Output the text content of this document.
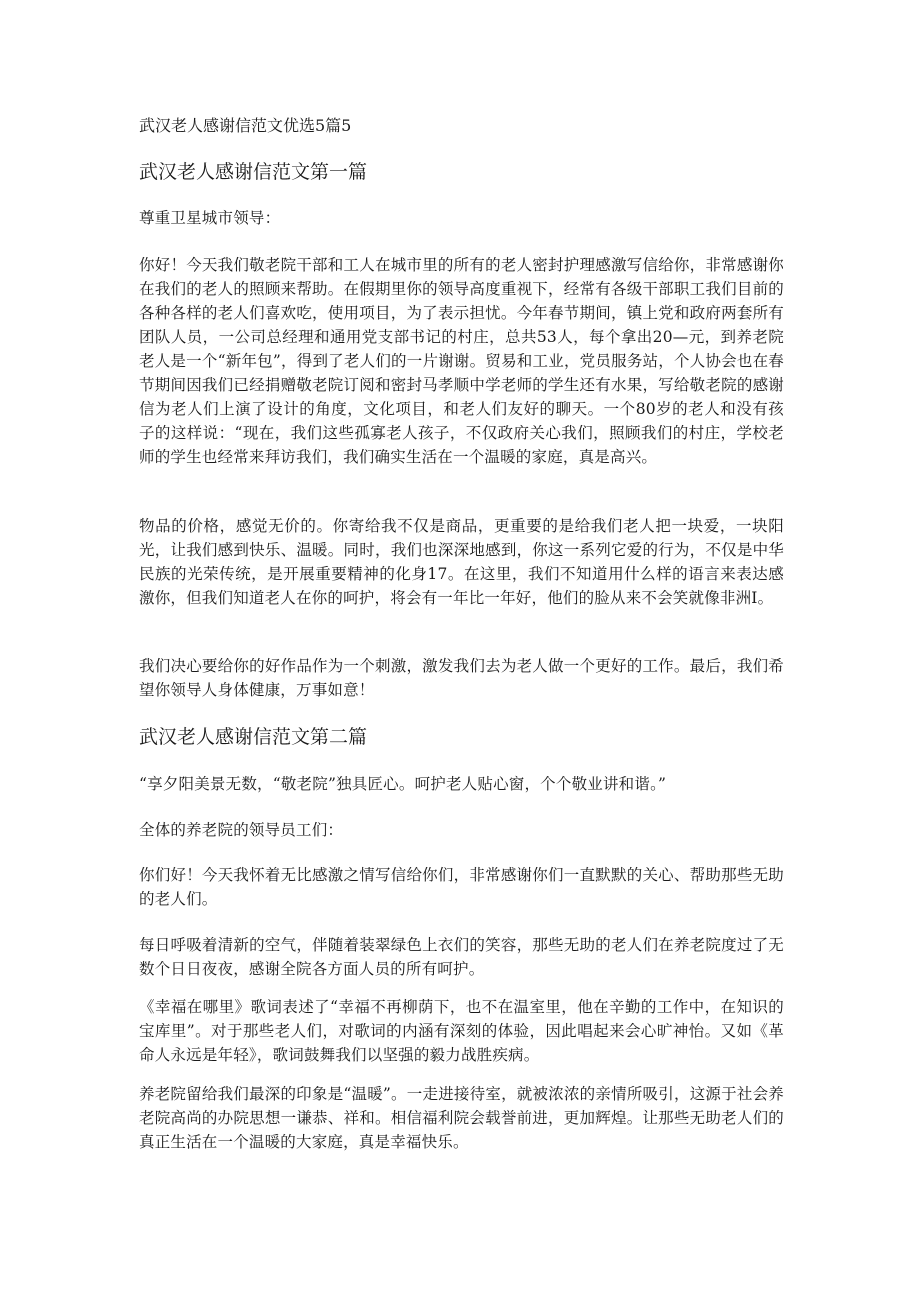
武汉老人感谢信范文优选5篇5
武汉老人感谢信范文第一篇

尊重卫星城市领导：

你好！今天我们敬老院干部和工人在城市里的所有的老人密封护理感激写信给你，非常感谢你在我们的老人的照顾来帮助。在假期里你的领导高度重视下，经常有各级干部职工我们目前的各种各样的老人们喜欢吃，使用项目，为了表示担忧。今年春节期间，镇上党和政府两套所有团队人员，一公司总经理和通用党支部书记的村庄，总共53人，每个拿出20—元，到养老院老人是一个“新年包”，得到了老人们的一片谢谢。贸易和工业，党员服务站，个人协会也在春节期间因我们已经捐赠敬老院订阅和密封马孝顺中学老师的学生还有水果，写给敬老院的感谢信为老人们上演了设计的角度，文化项目，和老人们友好的聊天。一个80岁的老人和没有孩子的这样说：“现在，我们这些孤寡老人孩子，不仅政府关心我们，照顾我们的村庄，学校老师的学生也经常来拜访我们，我们确实生活在一个温暖的家庭，真是高兴。

物品的价格，感觉无价的。你寄给我不仅是商品，更重要的是给我们老人把一块爱，一块阳光，让我们感到快乐、温暖。同时，我们也深深地感到，你这一系列它爱的行为，不仅是中华民族的光荣传统，是开展重要精神的化身17。在这里，我们不知道用什么样的语言来表达感激你，但我们知道老人在你的呵护，将会有一年比一年好，他们的脸从来不会笑就像非洲I。

我们决心要给你的好作品作为一个刺激，激发我们去为老人做一个更好的工作。最后，我们希望你领导人身体健康，万事如意！

武汉老人感谢信范文第二篇

“享夕阳美景无数，“敬老院”独具匠心。呵护老人贴心窗，个个敬业讲和谐。”

全体的养老院的领导员工们：

你们好！今天我怀着无比感激之情写信给你们，非常感谢你们一直默默的关心、帮助那些无助的老人们。

每日呼吸着清新的空气，伴随着装翠绿色上衣们的笑容，那些无助的老人们在养老院度过了无数个日日夜夜，感谢全院各方面人员的所有呵护。

《幸福在哪里》歌词表述了“幸福不再柳荫下，也不在温室里，他在辛勤的工作中，在知识的宝库里”。对于那些老人们，对歌词的内涵有深刻的体验，因此唱起来会心旷神怡。又如《革命人永远是年轻》，歌词鼓舞我们以坚强的毅力战胜疾病。

养老院留给我们最深的印象是“温暖”。一走进接待室，就被浓浓的亲情所吸引，这源于社会养老院高尚的办院思想一谦恭、祥和。相信福利院会载誉前进，更加辉煌。让那些无助老人们的真正生活在一个温暖的大家庭，真是幸福快乐。
